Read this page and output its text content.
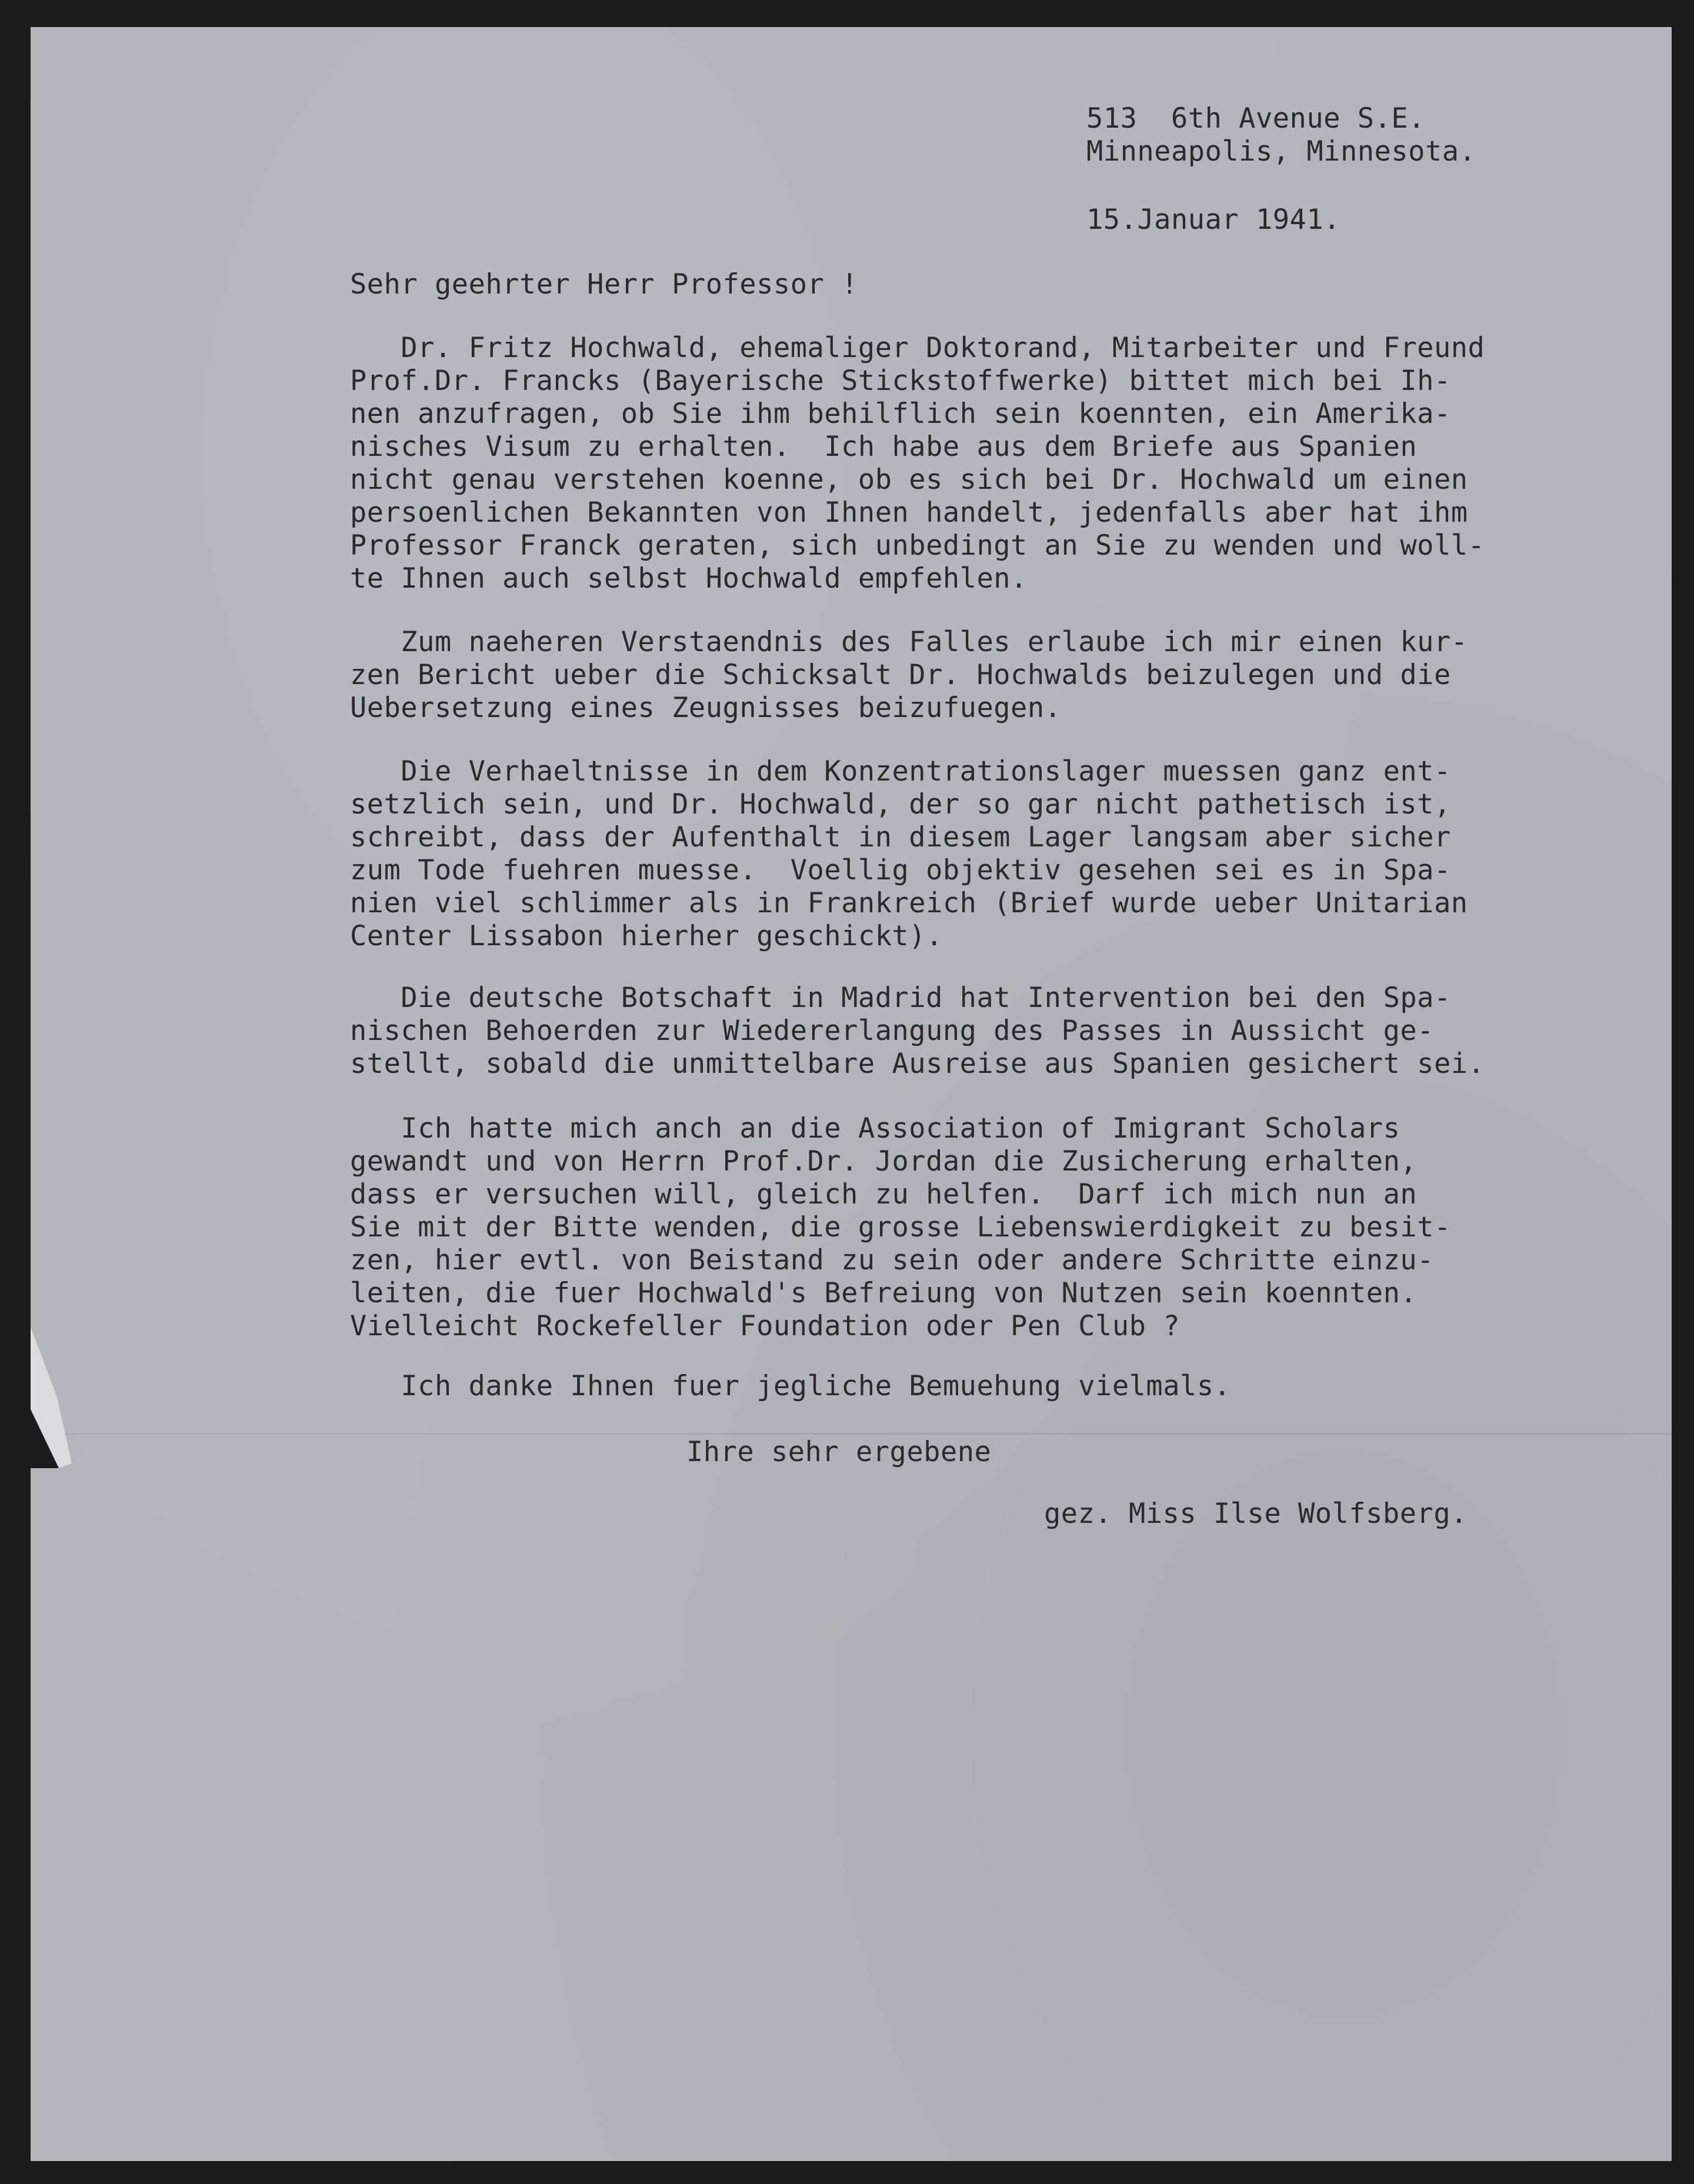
513  6th Avenue S.E.
Minneapolis, Minnesota.
15.Januar 1941.
Sehr geehrter Herr Professor !
Dr. Fritz Hochwald, ehemaliger Doktorand, Mitarbeiter und Freund
Prof.Dr. Francks (Bayerische Stickstoffwerke) bittet mich bei Ih-
nen anzufragen, ob Sie ihm behilflich sein koennten, ein Amerika-
nisches Visum zu erhalten.  Ich habe aus dem Briefe aus Spanien
nicht genau verstehen koenne, ob es sich bei Dr. Hochwald um einen
persoenlichen Bekannten von Ihnen handelt, jedenfalls aber hat ihm
Professor Franck geraten, sich unbedingt an Sie zu wenden und woll-
te Ihnen auch selbst Hochwald empfehlen.
Zum naeheren Verstaendnis des Falles erlaube ich mir einen kur-
zen Bericht ueber die Schicksalt Dr. Hochwalds beizulegen und die
Uebersetzung eines Zeugnisses beizufuegen.
Die Verhaeltnisse in dem Konzentrationslager muessen ganz ent-
setzlich sein, und Dr. Hochwald, der so gar nicht pathetisch ist,
schreibt, dass der Aufenthalt in diesem Lager langsam aber sicher
zum Tode fuehren muesse.  Voellig objektiv gesehen sei es in Spa-
nien viel schlimmer als in Frankreich (Brief wurde ueber Unitarian
Center Lissabon hierher geschickt).
Die deutsche Botschaft in Madrid hat Intervention bei den Spa-
nischen Behoerden zur Wiedererlangung des Passes in Aussicht ge-
stellt, sobald die unmittelbare Ausreise aus Spanien gesichert sei.
Ich hatte mich anch an die Association of Imigrant Scholars
gewandt und von Herrn Prof.Dr. Jordan die Zusicherung erhalten,
dass er versuchen will, gleich zu helfen.  Darf ich mich nun an
Sie mit der Bitte wenden, die grosse Liebenswierdigkeit zu besit-
zen, hier evtl. von Beistand zu sein oder andere Schritte einzu-
leiten, die fuer Hochwald's Befreiung von Nutzen sein koennten.
Vielleicht Rockefeller Foundation oder Pen Club ?
Ich danke Ihnen fuer jegliche Bemuehung vielmals.
Ihre sehr ergebene
gez. Miss Ilse Wolfsberg.
